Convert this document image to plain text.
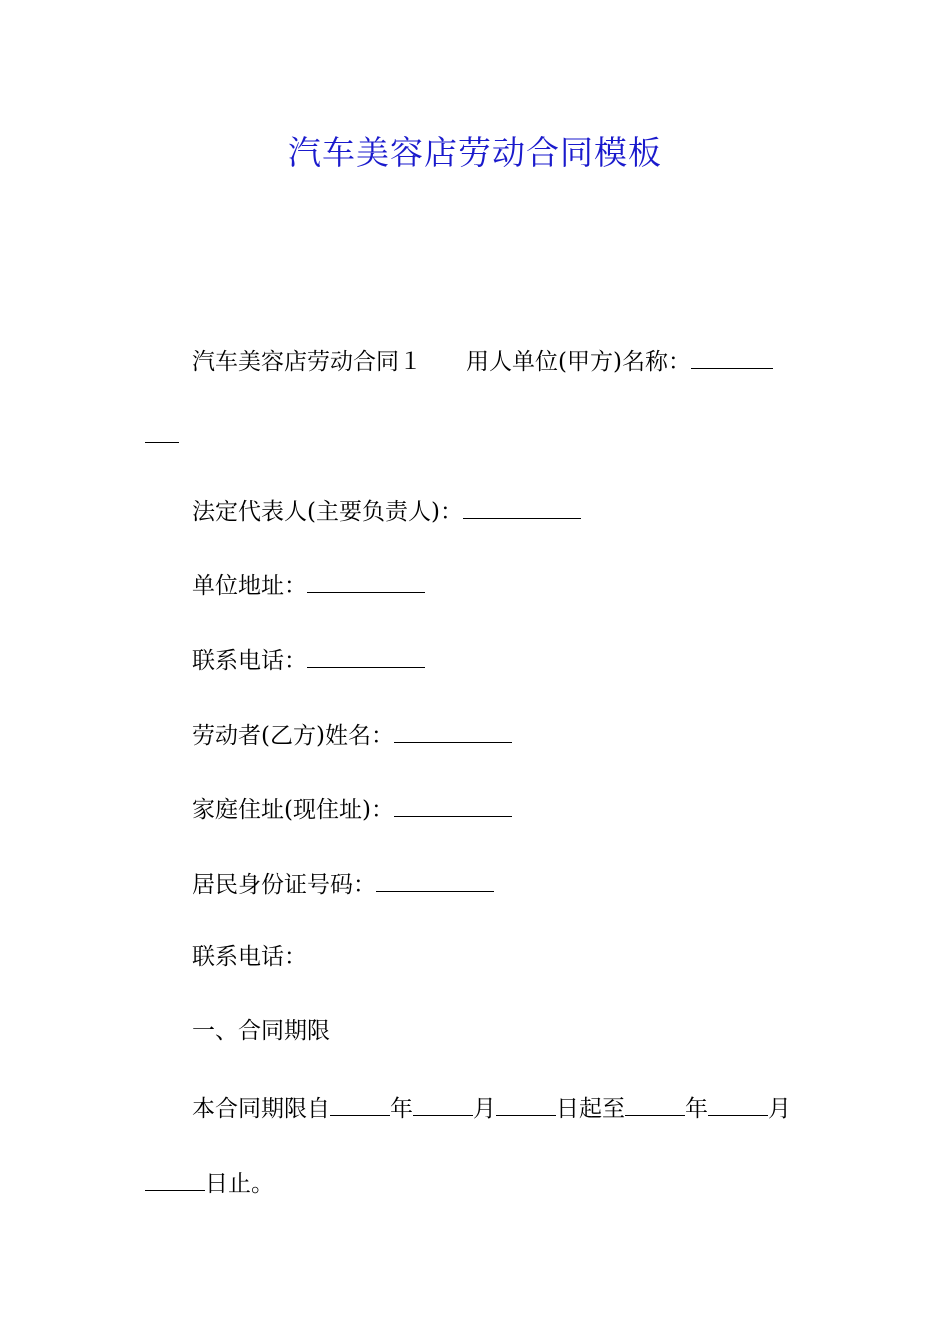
汽车美容店劳动合同模板
汽车美容店劳动合同１ 用人单位(甲方)名称：
法定代表人(主要负责人)：
单位地址：
联系电话：
劳动者(乙方)姓名：
家庭住址(现住址)：
居民身份证号码：
联系电话：
一、合同期限
本合同期限自	年	月	日起至	年	月
日止。
